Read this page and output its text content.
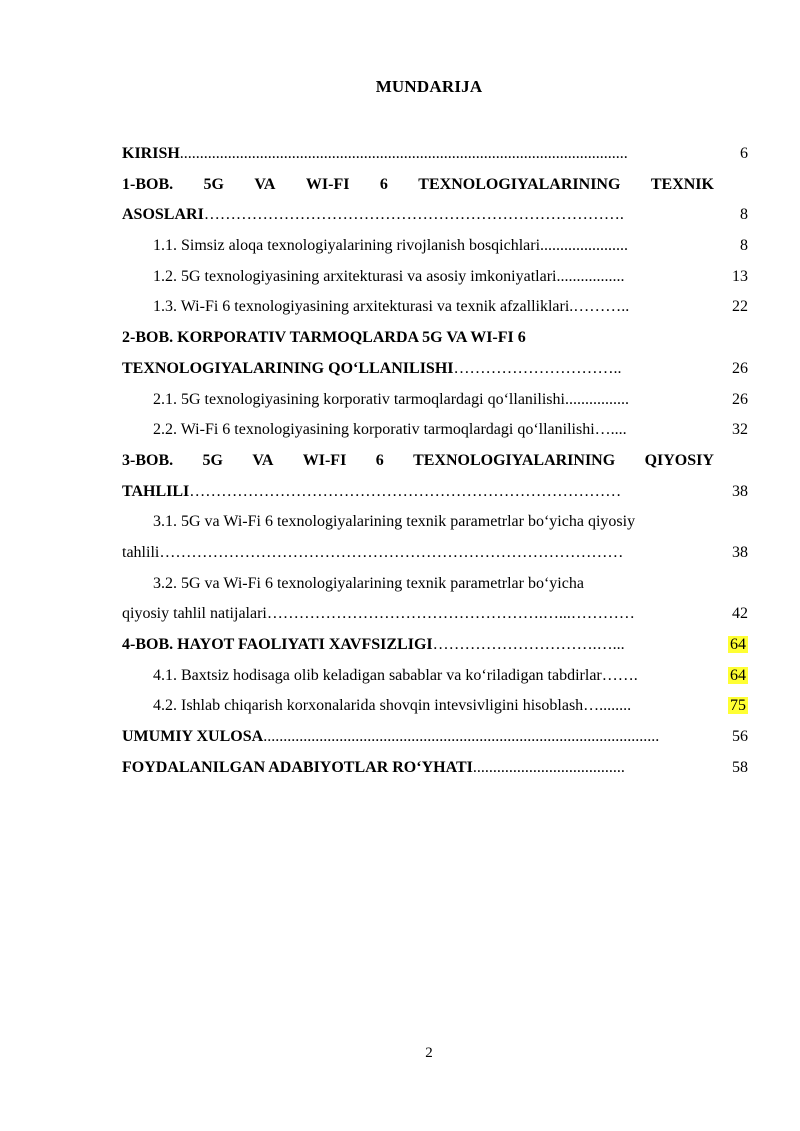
MUNDARIJA
KIRISH................................................................................................................	6
1-BOB. 5G VA WI-FI 6 TEXNOLOGIYALARINING TEXNIK
ASOSLARI…………………………………………………………………….	8
1.1. Simsiz aloqa texnologiyalarining rivojlanish bosqichlari......................	8
1.2. 5G texnologiyasining arxitekturasi va asosiy imkoniyatlari.................	13
1.3. Wi-Fi 6 texnologiyasining arxitekturasi va texnik afzalliklari.………..	22
2-BOB. KORPORATIV TARMOQLARDA 5G VA WI-FI 6
TEXNOLOGIYALARINING QO‘LLANILISHI…………………………..	26
2.1. 5G texnologiyasining korporativ tarmoqlardagi qo‘llanilishi................	26
2.2. Wi-Fi 6 texnologiyasining korporativ tarmoqlardagi qo‘llanilishi…....	32
3-BOB. 5G VA WI-FI 6 TEXNOLOGIYALARINING QIYOSIY
TAHLILI………………………………………………………………………	38
3.1. 5G va Wi-Fi 6 texnologiyalarining texnik parametrlar bo‘yicha qiyosiy
tahlili……………………………………………………………………………	38
3.2. 5G va Wi-Fi 6 texnologiyalarining texnik parametrlar bo‘yicha
qiyosiy tahlil natijalari…………………………………………….…...…………	42
4-BOB. HAYOT FAOLIYATI XAVFSIZLIGI………………………….…...	64
4.1. Baxtsiz hodisaga olib keladigan sabablar va ko‘riladigan tabdirlar…….	64
4.2. Ishlab chiqarish korxonalarida shovqin intevsivligini hisoblash…........	75
UMUMIY XULOSA...................................................................................................	56
FOYDALANILGAN ADABIYOTLAR RO‘YHATI......................................	58
2
